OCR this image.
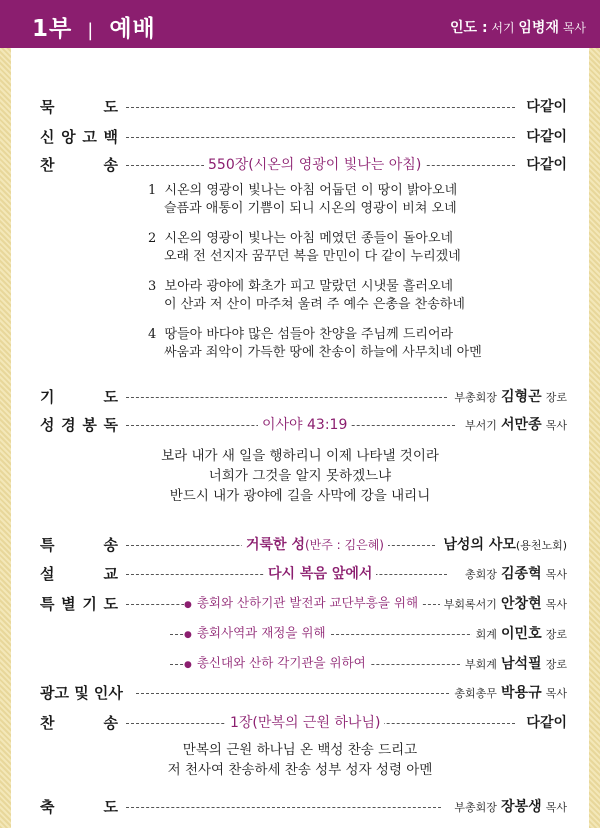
1부 | 예배	인도 : 서기 임병재 목사
묵	도	다같이
신 앙 고 백	다같이
찬	송	550장(시온의 영광이 빛나는 아침)	다같이
1 시온의 영광이 빛나는 아침 어둡던 이 땅이 밝아오네
슬픔과 애통이 기쁨이 되니 시온의 영광이 비쳐 오네
2 시온의 영광이 빛나는 아침 메였던 종들이 돌아오네
오래 전 선지자 꿈꾸던 복을 만민이 다 같이 누리겠네
3 보아라 광야에 화초가 피고 말랐던 시냇물 흘러오네
이 산과 저 산이 마주쳐 울려 주 예수 은총을 찬송하네
4 땅들아 바다야 많은 섬들아 찬양을 주님께 드리어라
싸움과 죄악이 가득한 땅에 찬송이 하늘에 사무치네 아멘
기	도	부총회장 김형곤 장로
성 경 봉 독	이사야 43:19	부서기 서만종 목사
보라 내가 새 일을 행하리니 이제 나타낼 것이라
너희가 그것을 알지 못하겠느냐
반드시 내가 광야에 길을 사막에 강을 내리니
특	송	거룩한 성(반주 : 김은혜)	남성의 사모(용천노회)
설	교	다시 복음 앞에서	총회장 김종혁 목사
특 별 기 도	● 총회와 산하기관 발전과 교단부흥을 위해	부회록서기 안창현 목사
● 총회사역과 재정을 위해	회계 이민호 장로
● 총신대와 산하 각기관을 위하여	부회계 남석필 장로
광고 및 인사	총회총무 박용규 목사
찬	송	1장(만복의 근원 하나님)	다같이
만복의 근원 하나님 온 백성 찬송 드리고
저 천사여 찬송하세 찬송 성부 성자 성령 아멘
축	도	부총회장 장봉생 목사
